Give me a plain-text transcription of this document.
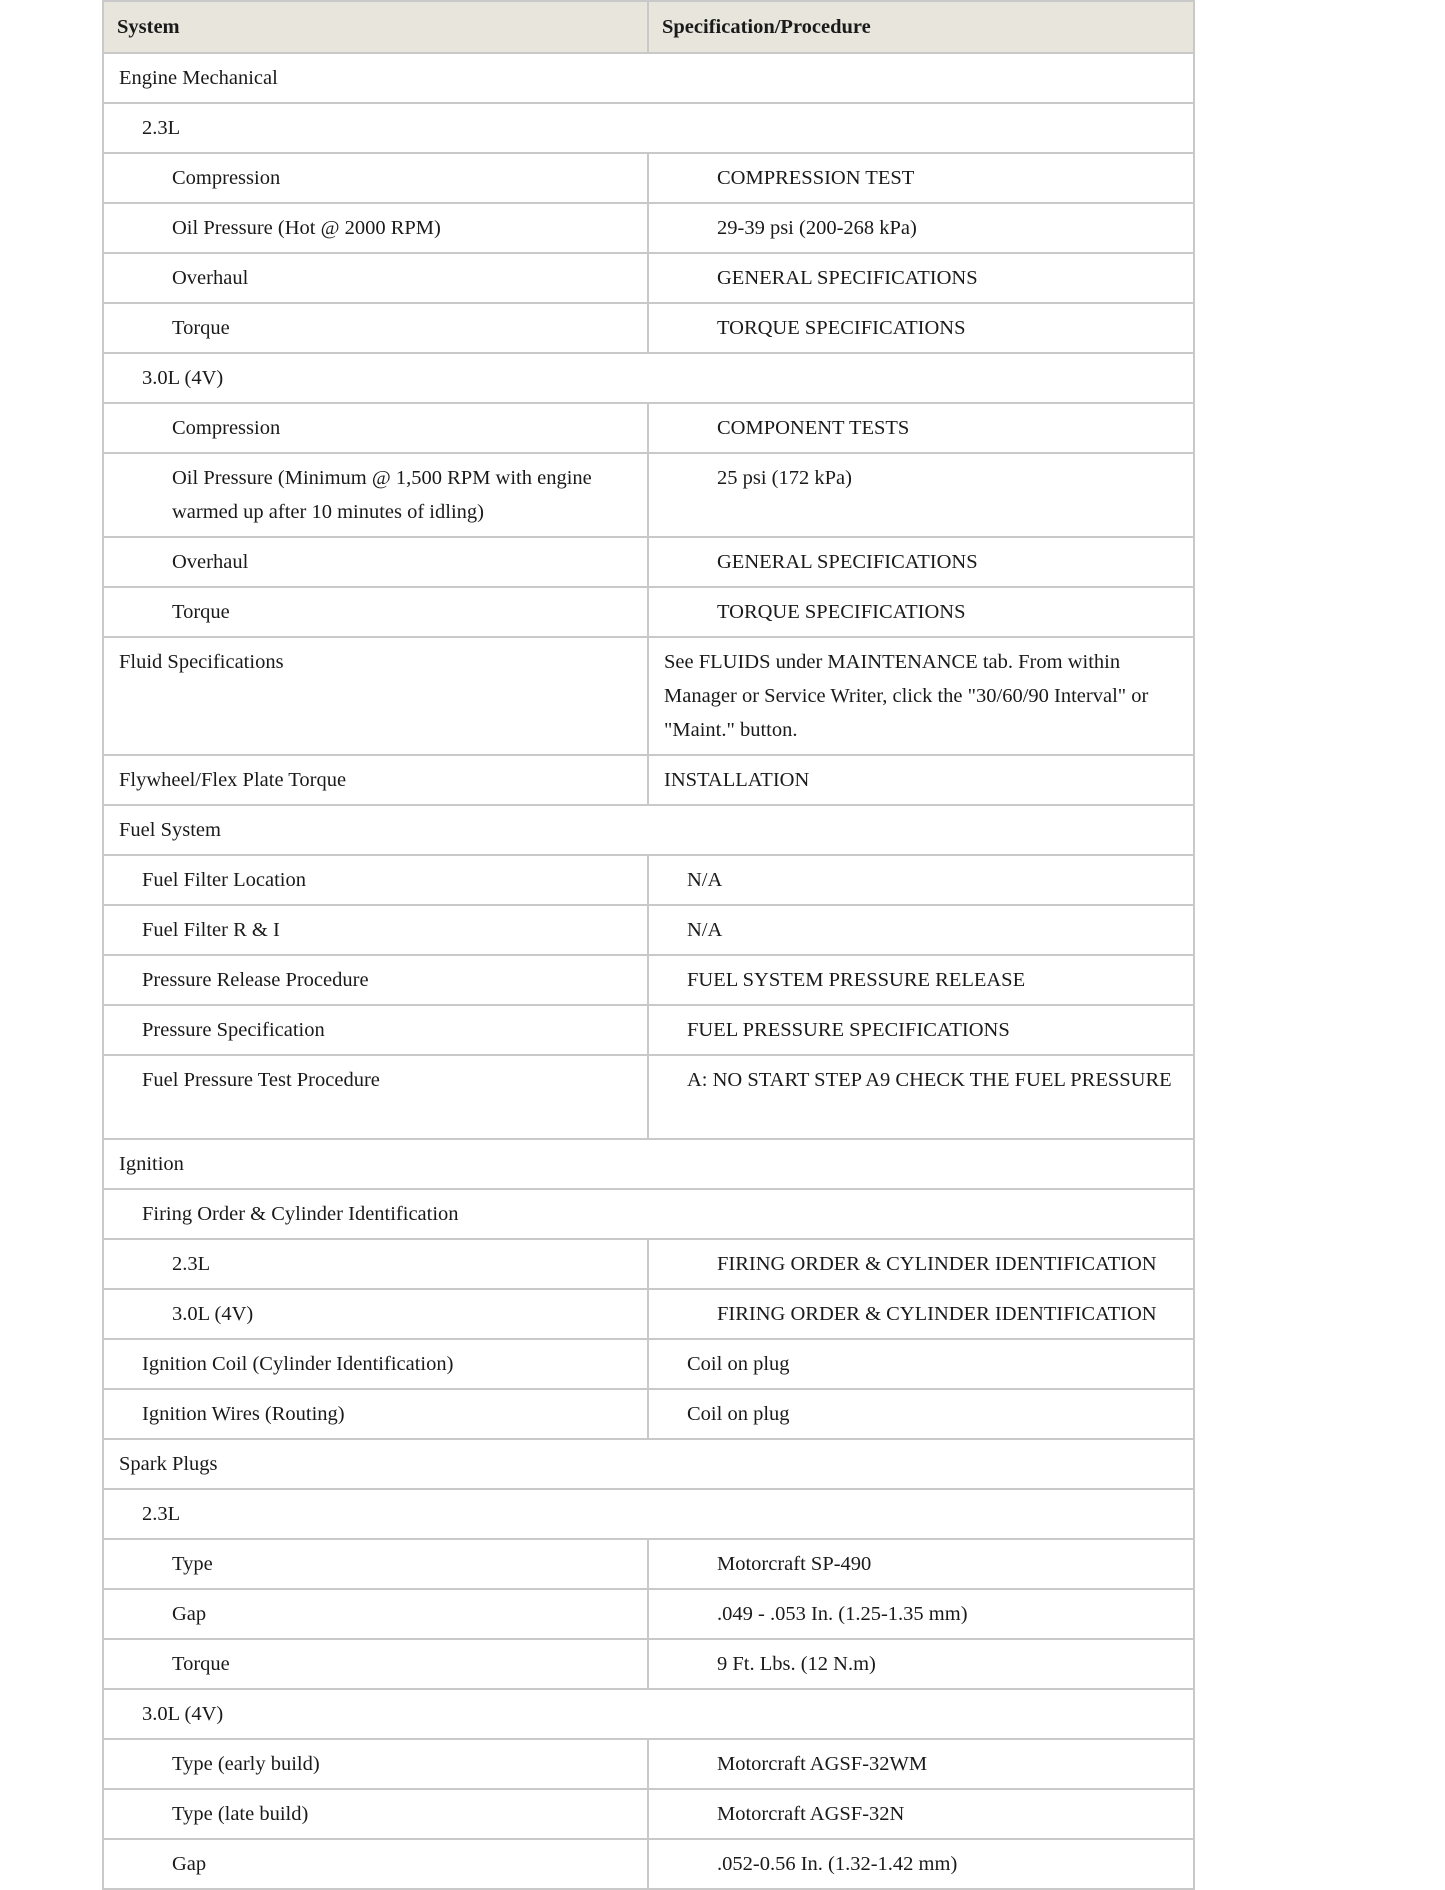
System	Specification/Procedure
Engine Mechanical	
2.3L	
Compression	COMPRESSION TEST
Oil Pressure (Hot @ 2000 RPM)	29-39 psi (200-268 kPa)
Overhaul	GENERAL SPECIFICATIONS
Torque	TORQUE SPECIFICATIONS
3.0L (4V)	
Compression	COMPONENT TESTS
Oil Pressure (Minimum @ 1,500 RPM with engine warmed up after 10 minutes of idling)	25 psi (172 kPa)
Overhaul	GENERAL SPECIFICATIONS
Torque	TORQUE SPECIFICATIONS
Fluid Specifications	See FLUIDS under MAINTENANCE tab. From within Manager or Service Writer, click the "30/60/90 Interval" or "Maint." button.
Flywheel/Flex Plate Torque	INSTALLATION
Fuel System	
Fuel Filter Location	N/A
Fuel Filter R & I	N/A
Pressure Release Procedure	FUEL SYSTEM PRESSURE RELEASE
Pressure Specification	FUEL PRESSURE SPECIFICATIONS
Fuel Pressure Test Procedure	A: NO START STEP A9 CHECK THE FUEL PRESSURE
Ignition	
Firing Order & Cylinder Identification	
2.3L	FIRING ORDER & CYLINDER IDENTIFICATION
3.0L (4V)	FIRING ORDER & CYLINDER IDENTIFICATION
Ignition Coil (Cylinder Identification)	Coil on plug
Ignition Wires (Routing)	Coil on plug
Spark Plugs	
2.3L	
Type	Motorcraft SP-490
Gap	.049 - .053 In. (1.25-1.35 mm)
Torque	9 Ft. Lbs. (12 N.m)
3.0L (4V)	
Type (early build)	Motorcraft AGSF-32WM
Type (late build)	Motorcraft AGSF-32N
Gap	.052-0.56 In. (1.32-1.42 mm)
